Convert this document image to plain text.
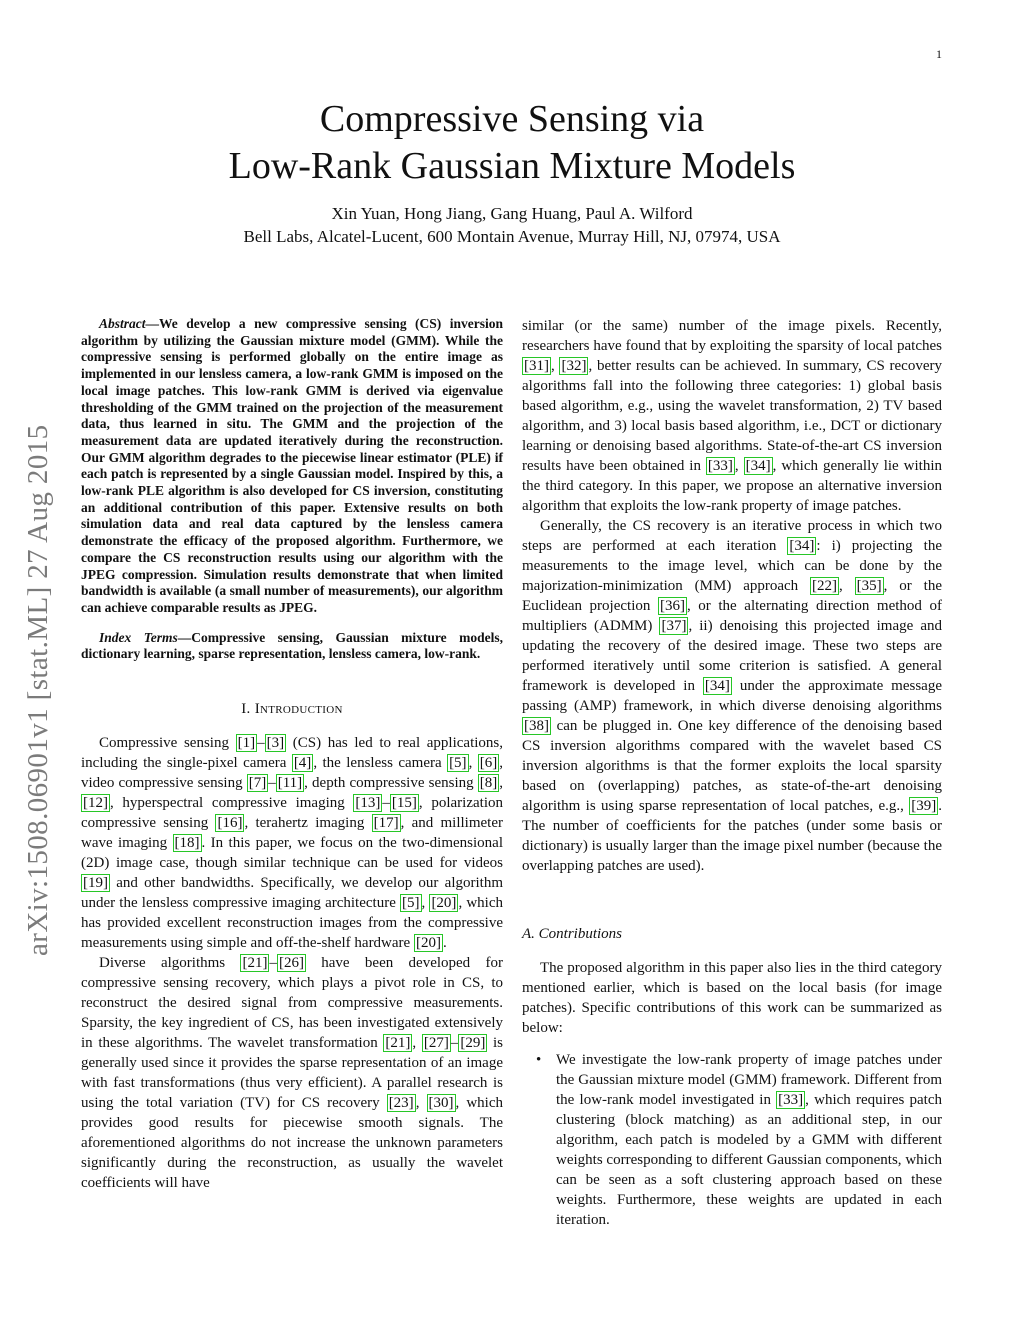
1
arXiv:1508.06901v1 [stat.ML] 27 Aug 2015
Compressive Sensing via
Low-Rank Gaussian Mixture Models
Xin Yuan, Hong Jiang, Gang Huang, Paul A. Wilford
Bell Labs, Alcatel-Lucent, 600 Montain Avenue, Murray Hill, NJ, 07974, USA

Abstract—We develop a new compressive sensing (CS) inversion algorithm by utilizing the Gaussian mixture model (GMM). While the compressive sensing is performed globally on the entire image as implemented in our lensless camera, a low-rank GMM is imposed on the local image patches. This low-rank GMM is derived via eigenvalue thresholding of the GMM trained on the projection of the measurement data, thus learned in situ. The GMM and the projection of the measurement data are updated iteratively during the reconstruction. Our GMM algorithm degrades to the piecewise linear estimator (PLE) if each patch is represented by a single Gaussian model. Inspired by this, a low-rank PLE algorithm is also developed for CS inversion, constituting an additional contribution of this paper. Extensive results on both simulation data and real data captured by the lensless camera demonstrate the efficacy of the proposed algorithm. Furthermore, we compare the CS reconstruction results using our algorithm with the JPEG compression. Simulation results demonstrate that when limited bandwidth is available (a small number of measurements), our algorithm can achieve comparable results as JPEG.

Index Terms—Compressive sensing, Gaussian mixture models, dictionary learning, sparse representation, lensless camera, low-rank.

I. Introduction

Compressive sensing [1] – [3] (CS) has led to real applications, including the single-pixel camera [4] , the lensless camera [5] , [6] , video compressive sensing [7] – [11] , depth compressive sensing [8] , [12] , hyperspectral compressive imaging [13] – [15] , polarization compressive sensing [16] , terahertz imaging [17] , and millimeter wave imaging [18] . In this paper, we focus on the two-dimensional (2D) image case, though similar technique can be used for videos [19] and other bandwidths. Specifically, we develop our algorithm under the lensless compressive imaging architecture [5] , [20] , which has provided excellent reconstruction images from the compressive measurements using simple and off-the-shelf hardware [20] .

Diverse algorithms [21] – [26] have been developed for compressive sensing recovery, which plays a pivot role in CS, to reconstruct the desired signal from compressive measurements. Sparsity, the key ingredient of CS, has been investigated extensively in these algorithms. The wavelet transformation [21] , [27] – [29] is generally used since it provides the sparse representation of an image with fast transformations (thus very efficient). A parallel research is using the total variation (TV) for CS recovery [23] , [30] , which provides good results for piecewise smooth signals. The aforementioned algorithms do not increase the unknown parameters significantly during the reconstruction, as usually the wavelet coefficients will have

similar (or the same) number of the image pixels. Recently, researchers have found that by exploiting the sparsity of local patches [31] , [32] , better results can be achieved. In summary, CS recovery algorithms fall into the following three categories: 1) global basis based algorithm, e.g., using the wavelet transformation, 2) TV based algorithm, and 3) local basis based algorithm, i.e., DCT or dictionary learning or denoising based algorithms. State-of-the-art CS inversion results have been obtained in [33] , [34] , which generally lie within the third category. In this paper, we propose an alternative inversion algorithm that exploits the low-rank property of image patches.

Generally, the CS recovery is an iterative process in which two steps are performed at each iteration [34] : i) projecting the measurements to the image level, which can be done by the majorization-minimization (MM) approach [22] , [35] , or the Euclidean projection [36] , or the alternating direction method of multipliers (ADMM) [37] , ii) denoising this projected image and updating the recovery of the desired image. These two steps are performed iteratively until some criterion is satisfied. A general framework is developed in [34] under the approximate message passing (AMP) framework, in which diverse denoising algorithms [38] can be plugged in. One key difference of the denoising based CS inversion algorithms compared with the wavelet based CS inversion algorithms is that the former exploits the local sparsity based on (overlapping) patches, as state-of-the-art denoising algorithm is using sparse representation of local patches, e.g., [39] . The number of coefficients for the patches (under some basis or dictionary) is usually larger than the image pixel number (because the overlapping patches are used).

A. Contributions

The proposed algorithm in this paper also lies in the third category mentioned earlier, which is based on the local basis (for image patches). Specific contributions of this work can be summarized as below:

• We investigate the low-rank property of image patches under the Gaussian mixture model (GMM) framework. Different from the low-rank model investigated in [33] , which requires patch clustering (block matching) as an additional step, in our algorithm, each patch is modeled by a GMM with different weights corresponding to different Gaussian components, which can be seen as a soft clustering approach based on these weights. Furthermore, these weights are updated in each iteration.
